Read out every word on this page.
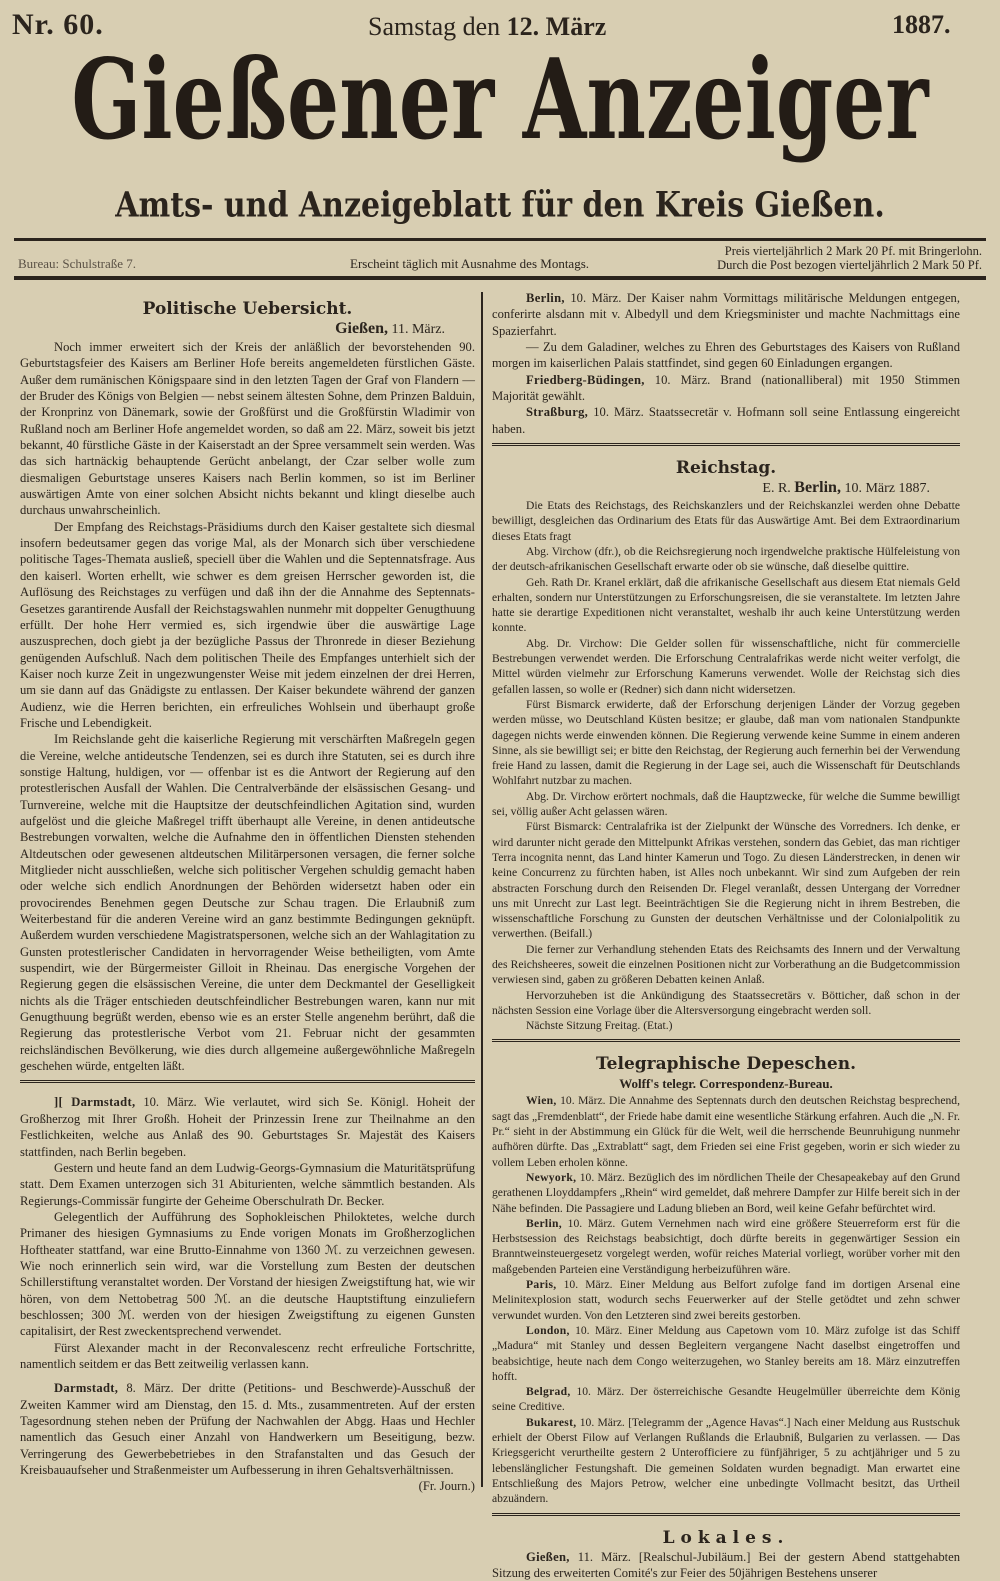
Nr. 60.	Samstag den 12. März	1887.
Gießener Anzeiger
Amts- und Anzeigeblatt für den Kreis Gießen.
Bureau: Schulstraße 7.	Erscheint täglich mit Ausnahme des Montags.
Preis vierteljährlich 2 Mark 20 Pf. mit Bringerlohn.
Durch die Post bezogen vierteljährlich 2 Mark 50 Pf.
Politische Uebersicht.
Gießen, 11. März.

Noch immer erweitert sich der Kreis der anläßlich der bevorstehenden 90. Geburtstagsfeier des Kaisers am Berliner Hofe bereits angemeldeten fürstlichen Gäste. Außer dem rumänischen Königspaare sind in den letzten Tagen der Graf von Flandern — der Bruder des Königs von Belgien — nebst seinem ältesten Sohne, dem Prinzen Balduin, der Kronprinz von Dänemark, sowie der Großfürst und die Großfürstin Wladimir von Rußland noch am Berliner Hofe angemeldet worden, so daß am 22. März, soweit bis jetzt bekannt, 40 fürstliche Gäste in der Kaiserstadt an der Spree versammelt sein werden. Was das sich hartnäckig behauptende Gerücht anbelangt, der Czar selber wolle zum diesmaligen Geburtstage unseres Kaisers nach Berlin kommen, so ist im Berliner auswärtigen Amte von einer solchen Absicht nichts bekannt und klingt dieselbe auch durchaus unwahrscheinlich.

Der Empfang des Reichstags-Präsidiums durch den Kaiser gestaltete sich diesmal insofern bedeutsamer gegen das vorige Mal, als der Monarch sich über verschiedene politische Tages-Themata ausließ, speciell über die Wahlen und die Septennatsfrage. Aus den kaiserl. Worten erhellt, wie schwer es dem greisen Herrscher geworden ist, die Auflösung des Reichstages zu verfügen und daß ihn der die Annahme des Septennats-Gesetzes garantirende Ausfall der Reichstagswahlen nunmehr mit doppelter Genugthuung erfüllt. Der hohe Herr vermied es, sich irgendwie über die auswärtige Lage auszusprechen, doch giebt ja der bezügliche Passus der Thronrede in dieser Beziehung genügenden Aufschluß. Nach dem politischen Theile des Empfanges unterhielt sich der Kaiser noch kurze Zeit in ungezwungenster Weise mit jedem einzelnen der drei Herren, um sie dann auf das Gnädigste zu entlassen. Der Kaiser bekundete während der ganzen Audienz, wie die Herren berichten, ein erfreuliches Wohlsein und überhaupt große Frische und Lebendigkeit.

Im Reichslande geht die kaiserliche Regierung mit verschärften Maßregeln gegen die Vereine, welche antideutsche Tendenzen, sei es durch ihre Statuten, sei es durch ihre sonstige Haltung, huldigen, vor — offenbar ist es die Antwort der Regierung auf den protestlerischen Ausfall der Wahlen. Die Centralverbände der elsässischen Gesang- und Turnvereine, welche mit die Hauptsitze der deutschfeindlichen Agitation sind, wurden aufgelöst und die gleiche Maßregel trifft überhaupt alle Vereine, in denen antideutsche Bestrebungen vorwalten, welche die Aufnahme den in öffentlichen Diensten stehenden Altdeutschen oder gewesenen altdeutschen Militärpersonen versagen, die ferner solche Mitglieder nicht ausschließen, welche sich politischer Vergehen schuldig gemacht haben oder welche sich endlich Anordnungen der Behörden widersetzt haben oder ein provocirendes Benehmen gegen Deutsche zur Schau tragen. Die Erlaubniß zum Weiterbestand für die anderen Vereine wird an ganz bestimmte Bedingungen geknüpft. Außerdem wurden verschiedene Magistratspersonen, welche sich an der Wahlagitation zu Gunsten protestlerischer Candidaten in hervorragender Weise betheiligten, vom Amte suspendirt, wie der Bürgermeister Gilloit in Rheinau. Das energische Vorgehen der Regierung gegen die elsässischen Vereine, die unter dem Deckmantel der Geselligkeit nichts als die Träger entschieden deutschfeindlicher Bestrebungen waren, kann nur mit Genugthuung begrüßt werden, ebenso wie es an erster Stelle angenehm berührt, daß die Regierung das protestlerische Verbot vom 21. Februar nicht der gesammten reichsländischen Bevölkerung, wie dies durch allgemeine außergewöhnliche Maßregeln geschehen würde, entgelten läßt.

][ Darmstadt, 10. März. Wie verlautet, wird sich Se. Königl. Hoheit der Großherzog mit Ihrer Großh. Hoheit der Prinzessin Irene zur Theilnahme an den Festlichkeiten, welche aus Anlaß des 90. Geburtstages Sr. Majestät des Kaisers stattfinden, nach Berlin begeben.

Gestern und heute fand an dem Ludwig-Georgs-Gymnasium die Maturitätsprüfung statt. Dem Examen unterzogen sich 31 Abiturienten, welche sämmtlich bestanden. Als Regierungs-Commissär fungirte der Geheime Oberschulrath Dr. Becker.

Gelegentlich der Aufführung des Sophokleischen Philoktetes, welche durch Primaner des hiesigen Gymnasiums zu Ende vorigen Monats im Großherzoglichen Hoftheater stattfand, war eine Brutto-Einnahme von 1360 ℳ. zu verzeichnen gewesen. Wie noch erinnerlich sein wird, war die Vorstellung zum Besten der deutschen Schillerstiftung veranstaltet worden. Der Vorstand der hiesigen Zweigstiftung hat, wie wir hören, von dem Nettobetrag 500 ℳ. an die deutsche Hauptstiftung einzuliefern beschlossen; 300 ℳ. werden von der hiesigen Zweigstiftung zu eigenen Gunsten capitalisirt, der Rest zweckentsprechend verwendet.

Fürst Alexander macht in der Reconvalescenz recht erfreuliche Fortschritte, namentlich seitdem er das Bett zeitweilig verlassen kann.

Darmstadt, 8. März. Der dritte (Petitions- und Beschwerde)-Ausschuß der Zweiten Kammer wird am Dienstag, den 15. d. Mts., zusammentreten. Auf der ersten Tagesordnung stehen neben der Prüfung der Nachwahlen der Abgg. Haas und Hechler namentlich das Gesuch einer Anzahl von Handwerkern um Beseitigung, bezw. Verringerung des Gewerbebetriebes in den Strafanstalten und das Gesuch der Kreisbauaufseher und Straßenmeister um Aufbesserung in ihren Gehaltsverhältnissen.
(Fr. Journ.)

Berlin, 10. März. Der Kaiser nahm Vormittags militärische Meldungen entgegen, conferirte alsdann mit v. Albedyll und dem Kriegsminister und machte Nachmittags eine Spazierfahrt.

— Zu dem Galadiner, welches zu Ehren des Geburtstages des Kaisers von Rußland morgen im kaiserlichen Palais stattfindet, sind gegen 60 Einladungen ergangen.

Friedberg-Büdingen, 10. März. Brand (nationalliberal) mit 1950 Stimmen Majorität gewählt.

Straßburg, 10. März. Staatssecretär v. Hofmann soll seine Entlassung eingereicht haben.

Reichstag.
E. R. Berlin, 10. März 1887.

Die Etats des Reichstags, des Reichskanzlers und der Reichskanzlei werden ohne Debatte bewilligt, desgleichen das Ordinarium des Etats für das Auswärtige Amt. Bei dem Extraordinarium dieses Etats fragt

Abg. Virchow (dfr.), ob die Reichsregierung noch irgendwelche praktische Hülfeleistung von der deutsch-afrikanischen Gesellschaft erwarte oder ob sie wünsche, daß dieselbe quittire.

Geh. Rath Dr. Kranel erklärt, daß die afrikanische Gesellschaft aus diesem Etat niemals Geld erhalten, sondern nur Unterstützungen zu Erforschungsreisen, die sie veranstaltete. Im letzten Jahre hatte sie derartige Expeditionen nicht veranstaltet, weshalb ihr auch keine Unterstützung werden konnte.

Abg. Dr. Virchow: Die Gelder sollen für wissenschaftliche, nicht für commercielle Bestrebungen verwendet werden. Die Erforschung Centralafrikas werde nicht weiter verfolgt, die Mittel würden vielmehr zur Erforschung Kameruns verwendet. Wolle der Reichstag sich dies gefallen lassen, so wolle er (Redner) sich dann nicht widersetzen.

Fürst Bismarck erwiderte, daß der Erforschung derjenigen Länder der Vorzug gegeben werden müsse, wo Deutschland Küsten besitze; er glaube, daß man vom nationalen Standpunkte dagegen nichts werde einwenden können. Die Regierung verwende keine Summe in einem anderen Sinne, als sie bewilligt sei; er bitte den Reichstag, der Regierung auch fernerhin bei der Verwendung freie Hand zu lassen, damit die Regierung in der Lage sei, auch die Wissenschaft für Deutschlands Wohlfahrt nutzbar zu machen.

Abg. Dr. Virchow erörtert nochmals, daß die Hauptzwecke, für welche die Summe bewilligt sei, völlig außer Acht gelassen wären.

Fürst Bismarck: Centralafrika ist der Zielpunkt der Wünsche des Vorredners. Ich denke, er wird darunter nicht gerade den Mittelpunkt Afrikas verstehen, sondern das Gebiet, das man richtiger Terra incognita nennt, das Land hinter Kamerun und Togo. Zu diesen Länderstrecken, in denen wir keine Concurrenz zu fürchten haben, ist Alles noch unbekannt. Wir sind zum Aufgeben der rein abstracten Forschung durch den Reisenden Dr. Flegel veranlaßt, dessen Untergang der Vorredner uns mit Unrecht zur Last legt. Beeinträchtigen Sie die Regierung nicht in ihrem Bestreben, die wissenschaftliche Forschung zu Gunsten der deutschen Verhältnisse und der Colonialpolitik zu verwerthen. (Beifall.)

Die ferner zur Verhandlung stehenden Etats des Reichsamts des Innern und der Verwaltung des Reichsheeres, soweit die einzelnen Positionen nicht zur Vorberathung an die Budgetcommission verwiesen sind, gaben zu größeren Debatten keinen Anlaß.

Hervorzuheben ist die Ankündigung des Staatssecretärs v. Bötticher, daß schon in der nächsten Session eine Vorlage über die Altersversorgung eingebracht werden soll.

Nächste Sitzung Freitag. (Etat.)

Telegraphische Depeschen.
Wolff's telegr. Correspondenz-Bureau.

Wien, 10. März. Die Annahme des Septennats durch den deutschen Reichstag besprechend, sagt das „Fremdenblatt“, der Friede habe damit eine wesentliche Stärkung erfahren. Auch die „N. Fr. Pr.“ sieht in der Abstimmung ein Glück für die Welt, weil die herrschende Beunruhigung nunmehr aufhören dürfte. Das „Extrablatt“ sagt, dem Frieden sei eine Frist gegeben, worin er sich wieder zu vollem Leben erholen könne.

Newyork, 10. März. Bezüglich des im nördlichen Theile der Chesapeakebay auf den Grund gerathenen Lloyddampfers „Rhein“ wird gemeldet, daß mehrere Dampfer zur Hilfe bereit sich in der Nähe befinden. Die Passagiere und Ladung blieben an Bord, weil keine Gefahr befürchtet wird.

Berlin, 10. März. Gutem Vernehmen nach wird eine größere Steuerreform erst für die Herbstsession des Reichstags beabsichtigt, doch dürfte bereits in gegenwärtiger Session ein Branntweinsteuergesetz vorgelegt werden, wofür reiches Material vorliegt, worüber vorher mit den maßgebenden Parteien eine Verständigung herbeizuführen wäre.

Paris, 10. März. Einer Meldung aus Belfort zufolge fand im dortigen Arsenal eine Melinitexplosion statt, wodurch sechs Feuerwerker auf der Stelle getödtet und zehn schwer verwundet wurden. Von den Letzteren sind zwei bereits gestorben.

London, 10. März. Einer Meldung aus Capetown vom 10. März zufolge ist das Schiff „Madura“ mit Stanley und dessen Begleitern vergangene Nacht daselbst eingetroffen und beabsichtige, heute nach dem Congo weiterzugehen, wo Stanley bereits am 18. März einzutreffen hofft.

Belgrad, 10. März. Der österreichische Gesandte Heugelmüller überreichte dem König seine Creditive.

Bukarest, 10. März. [Telegramm der „Agence Havas“.] Nach einer Meldung aus Rustschuk erhielt der Oberst Filow auf Verlangen Rußlands die Erlaubniß, Bulgarien zu verlassen. — Das Kriegsgericht verurtheilte gestern 2 Unterofficiere zu fünfjähriger, 5 zu achtjähriger und 5 zu lebenslänglicher Festungshaft. Die gemeinen Soldaten wurden begnadigt. Man erwartet eine Entschließung des Majors Petrow, welcher eine unbedingte Vollmacht besitzt, das Urtheil abzuändern.

Lokales.

Gießen, 11. März. [Realschul-Jubiläum.] Bei der gestern Abend stattgehabten Sitzung des erweiterten Comité's zur Feier des 50jährigen Bestehens unserer
